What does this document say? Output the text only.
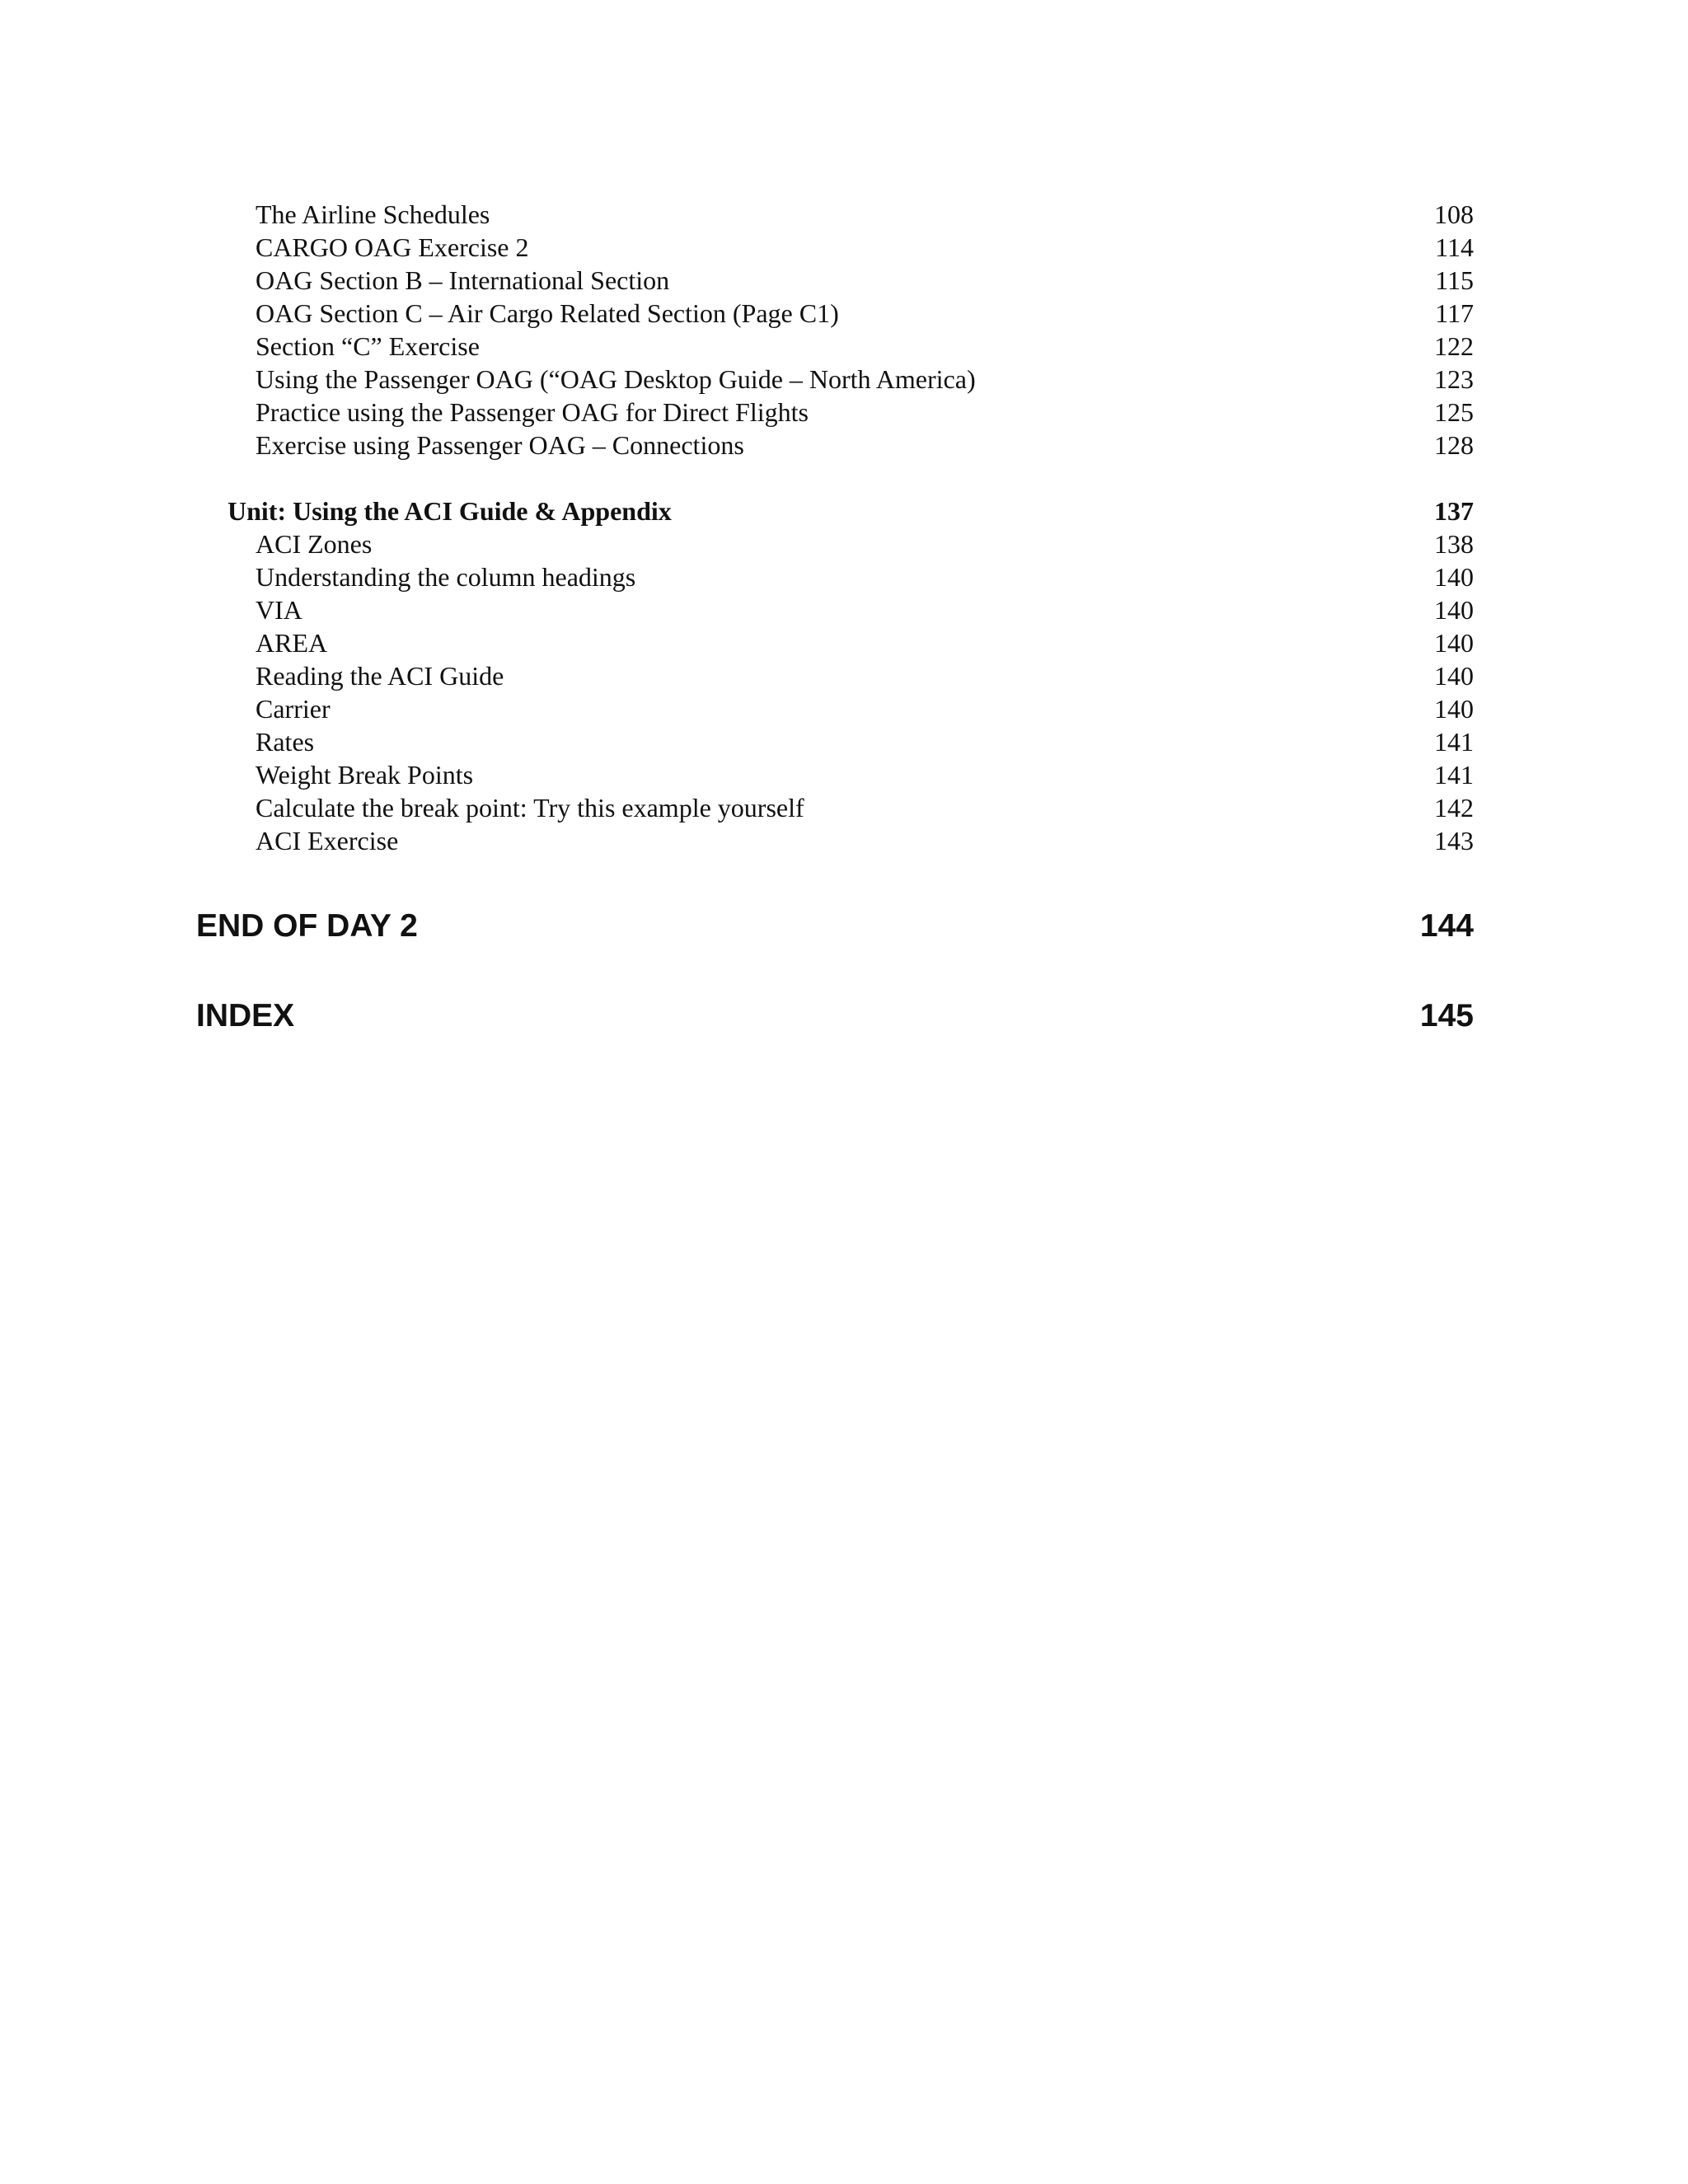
The Airline Schedules	108
CARGO OAG Exercise 2	114
OAG Section B – International Section	115
OAG Section C – Air Cargo Related Section (Page C1)	117
Section “C” Exercise	122
Using the Passenger OAG (“OAG Desktop Guide – North America)	123
Practice using the Passenger OAG for Direct Flights	125
Exercise using Passenger OAG – Connections	128
Unit: Using the ACI Guide & Appendix	137
ACI Zones	138
Understanding the column headings	140
VIA	140
AREA	140
Reading the ACI Guide	140
Carrier	140
Rates	141
Weight Break Points	141
Calculate the break point: Try this example yourself	142
ACI Exercise	143
END OF DAY 2	144
INDEX	145
